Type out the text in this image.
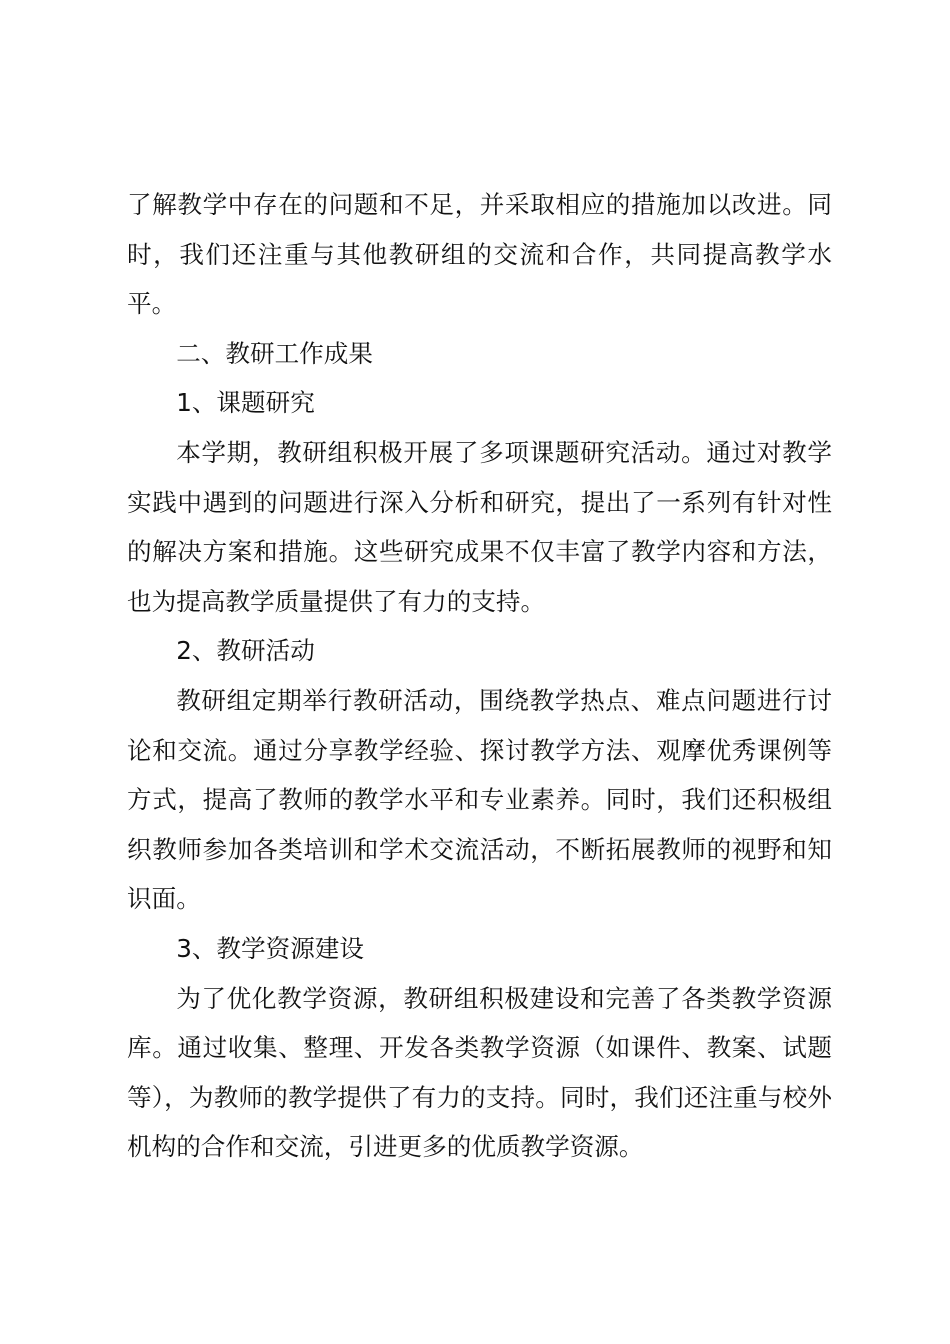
了解教学中存在的问题和不足，并采取相应的措施加以改进。同时，我们还注重与其他教研组的交流和合作，共同提高教学水平。

二、教研工作成果

1、课题研究

本学期，教研组积极开展了多项课题研究活动。通过对教学实践中遇到的问题进行深入分析和研究，提出了一系列有针对性的解决方案和措施。这些研究成果不仅丰富了教学内容和方法，也为提高教学质量提供了有力的支持。

2、教研活动

教研组定期举行教研活动，围绕教学热点、难点问题进行讨论和交流。通过分享教学经验、探讨教学方法、观摩优秀课例等方式，提高了教师的教学水平和专业素养。同时，我们还积极组织教师参加各类培训和学术交流活动，不断拓展教师的视野和知识面。

3、教学资源建设

为了优化教学资源，教研组积极建设和完善了各类教学资源库。通过收集、整理、开发各类教学资源（如课件、教案、试题等），为教师的教学提供了有力的支持。同时，我们还注重与校外机构的合作和交流，引进更多的优质教学资源。
